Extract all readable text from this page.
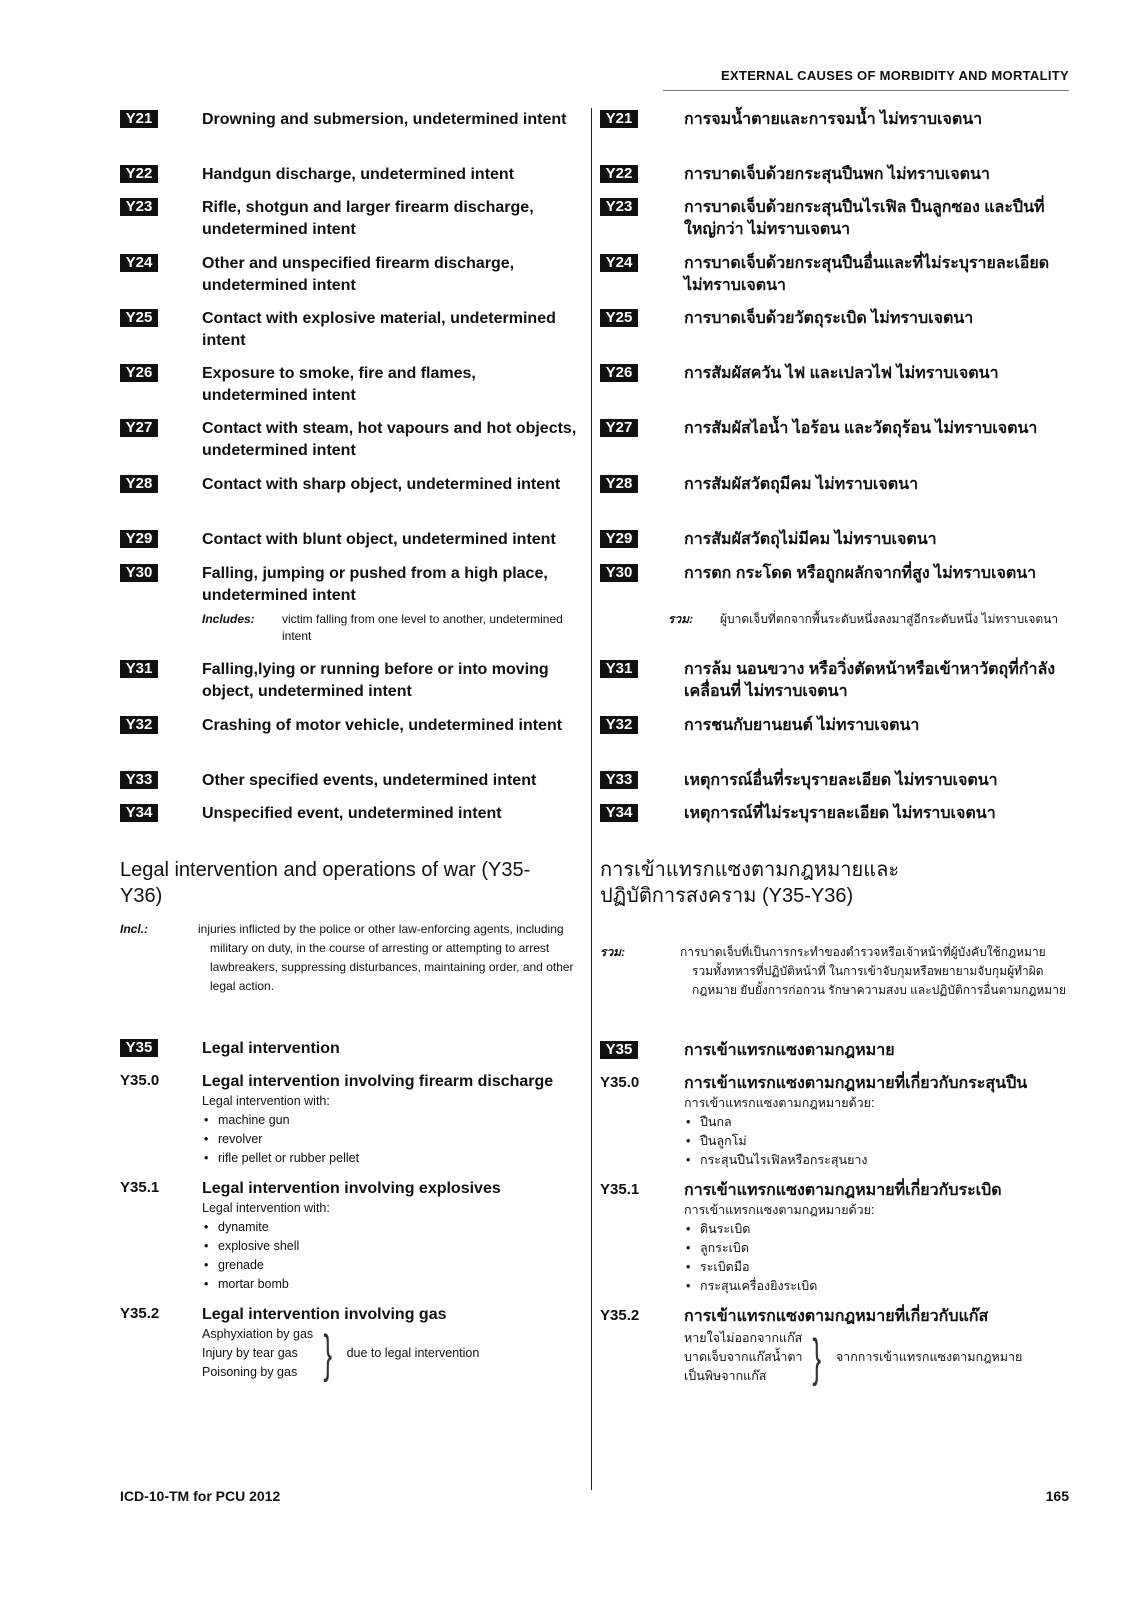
EXTERNAL CAUSES OF MORBIDITY AND MORTALITY
Y21	Drowning and submersion, undetermined intent
Y22	Handgun discharge, undetermined intent
Y23	Rifle, shotgun and larger firearm discharge, undetermined intent
Y24	Other and unspecified firearm discharge, undetermined intent
Y25	Contact with explosive material, undetermined intent
Y26	Exposure to smoke, fire and flames, undetermined intent
Y27	Contact with steam, hot vapours and hot objects, undetermined intent
Y28	Contact with sharp object, undetermined intent
Y29	Contact with blunt object, undetermined intent
Y30	Falling, jumping or pushed from a high place, undetermined intent
Includes: victim falling from one level to another, undetermined intent
Y31	Falling,lying or running before or into moving object, undetermined intent
Y32	Crashing of motor vehicle, undetermined intent
Y33	Other specified events, undetermined intent
Y34	Unspecified event, undetermined intent
Legal intervention and operations of war (Y35-Y36)
Incl.:	injuries inflicted by the police or other law-enforcing agents, including military on duty, in the course of arresting or attempting to arrest lawbreakers, suppressing disturbances, maintaining order, and other legal action.
Y35	Legal intervention
Y35.0	Legal intervention involving firearm discharge
Legal intervention with:
• machine gun
• revolver
• rifle pellet or rubber pellet
Y35.1	Legal intervention involving explosives
Legal intervention with:
• dynamite
• explosive shell
• grenade
• mortar bomb
Y35.2	Legal intervention involving gas
Asphyxiation by gas
Injury by tear gas
Poisoning by gas } due to legal intervention
Y21	การจมน้ำตายและการจมน้ำ ไม่ทราบเจตนา
Y22	การบาดเจ็บด้วยกระสุนปืนพก ไม่ทราบเจตนา
Y23	การบาดเจ็บด้วยกระสุนปืนไรเฟิล ปืนลูกซอง และปืนที่ใหญ่กว่า ไม่ทราบเจตนา
Y24	การบาดเจ็บด้วยกระสุนปืนอื่นและที่ไม่ระบุรายละเอียด ไม่ทราบเจตนา
Y25	การบาดเจ็บด้วยวัตถุระเบิด ไม่ทราบเจตนา
Y26	การสัมผัสควัน ไฟ และเปลวไฟ ไม่ทราบเจตนา
Y27	การสัมผัสไอน้ำ ไอร้อน และวัตถุร้อน ไม่ทราบเจตนา
Y28	การสัมผัสวัตถุมีคม ไม่ทราบเจตนา
Y29	การสัมผัสวัตถุไม่มีคม ไม่ทราบเจตนา
Y30	การตก กระโดด หรือถูกผลักจากที่สูง ไม่ทราบเจตนา
รวม: ผู้บาดเจ็บที่ตกจากพื้นระดับหนึ่งลงมาสู่อีกระดับหนึ่ง ไม่ทราบเจตนา
Y31	การล้ม นอนขวาง หรือวิ่งตัดหน้าหรือเข้าหาวัตถุที่กำลังเคลื่อนที่ ไม่ทราบเจตนา
Y32	การชนกับยานยนต์ ไม่ทราบเจตนา
Y33	เหตุการณ์อื่นที่ระบุรายละเอียด ไม่ทราบเจตนา
Y34	เหตุการณ์ที่ไม่ระบุรายละเอียด ไม่ทราบเจตนา
การเข้าแทรกแซงตามกฎหมายและปฏิบัติการสงคราม (Y35-Y36)
รวม:	การบาดเจ็บที่เป็นการกระทำของตำรวจหรือเจ้าหน้าที่ผู้บังคับใช้กฎหมาย รวมทั้งทหารที่ปฏิบัติหน้าที่ ในการเข้าจับกุมหรือพยายามจับกุมผู้ทำผิดกฎหมาย ยับยั้งการก่อกวน รักษาความสงบ และปฏิบัติการอื่นตามกฎหมาย
Y35	การเข้าแทรกแซงตามกฎหมาย
Y35.0	การเข้าแทรกแซงตามกฎหมายที่เกี่ยวกับกระสุนปืน
การเข้าแทรกแซงตามกฎหมายด้วย:
• ปืนกล
• ปืนลูกโม่
• กระสุนปืนไรเฟิลหรือกระสุนยาง
Y35.1	การเข้าแทรกแซงตามกฎหมายที่เกี่ยวกับระเบิด
การเข้าแทรกแซงตามกฎหมายด้วย:
• ดินระเบิด
• ลูกระเบิด
• ระเบิดมือ
• กระสุนเครื่องยิงระเบิด
Y35.2	การเข้าแทรกแซงตามกฎหมายที่เกี่ยวกับแก๊ส
หายใจไม่ออกจากแก๊ส
บาดเจ็บจากแก๊สน้ำตา
เป็นพิษจากแก๊ส } จากการเข้าแทรกแซงตามกฎหมาย
ICD-10-TM for PCU 2012	165
